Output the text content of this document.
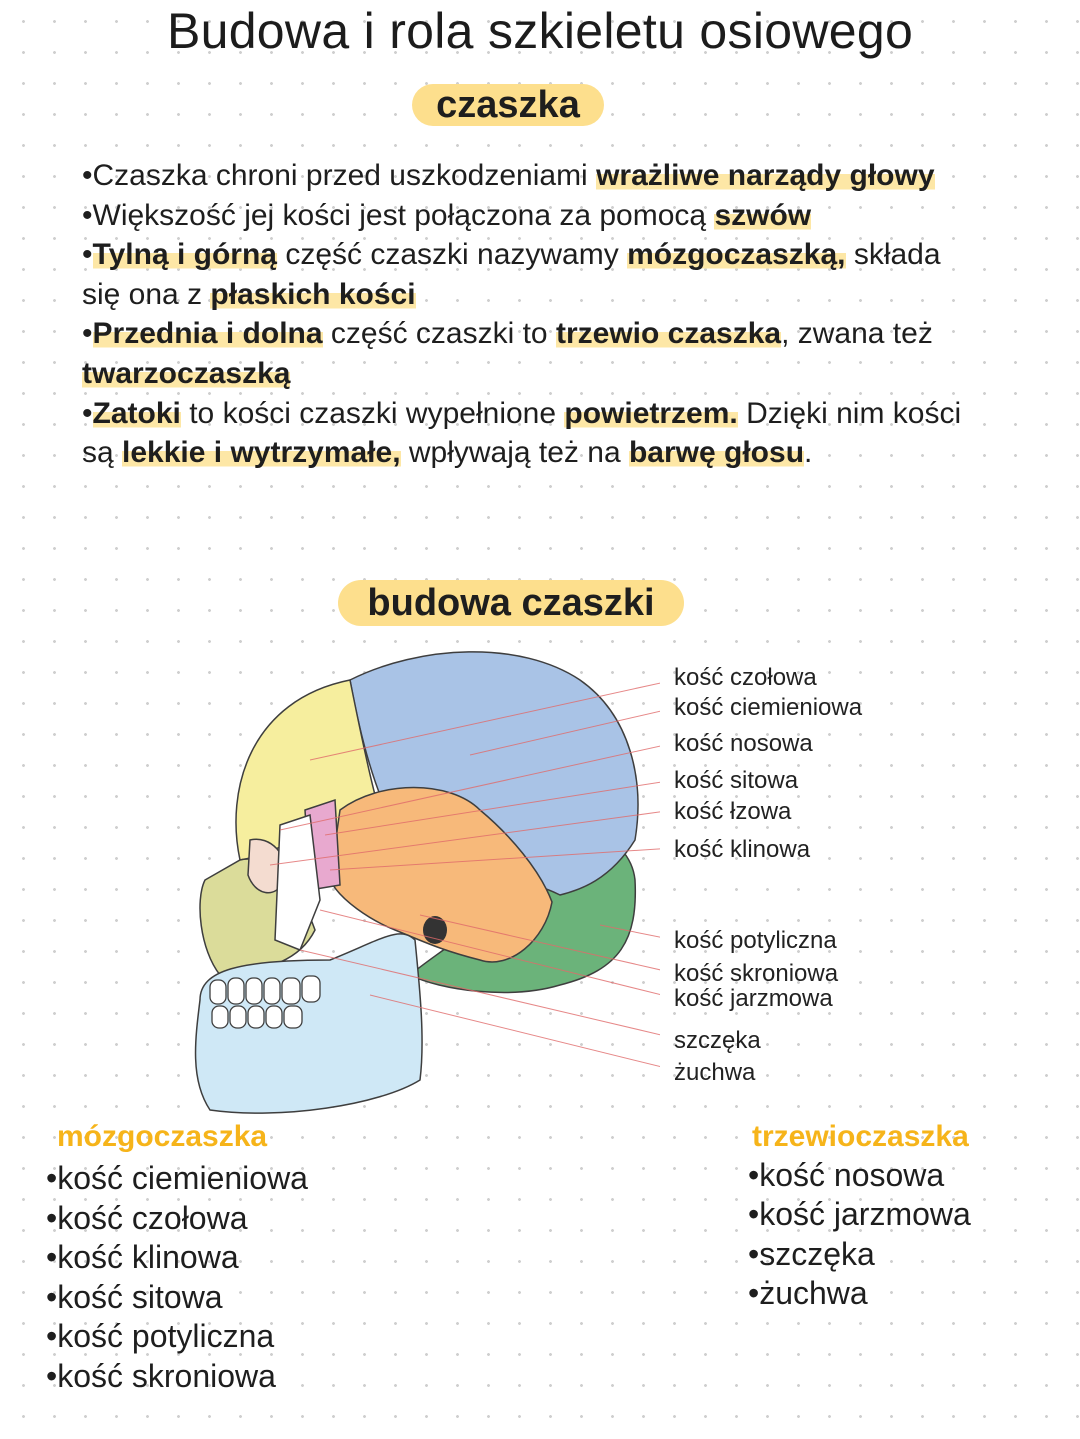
Budowa i rola szkieletu osiowego
czaszka
•Czaszka chroni przed uszkodzeniami wrażliwe narządy głowy
•Większość jej kości jest połączona za pomocą szwów
•Tylną i górną część czaszki nazywamy mózgoczaszką, składa się ona z płaskich kości
•Przednia i dolna część czaszki to trzewio czaszka, zwana też twarzoczaszką
•Zatoki to kości czaszki wypełnione powietrzem. Dzięki nim kości są lekkie i wytrzymałe, wpływają też na barwę głosu.
budowa czaszki
kość czołowa
kość ciemieniowa
kość nosowa
kość sitowa
kość łzowa
kość klinowa
kość potyliczna
kość skroniowa
kość jarzmowa
szczęka
żuchwa
mózgoczaszka
•kość ciemieniowa
•kość czołowa
•kość klinowa
•kość sitowa
•kość potyliczna
•kość skroniowa
trzewioczaszka
•kość nosowa
•kość jarzmowa
•szczęka
•żuchwa
